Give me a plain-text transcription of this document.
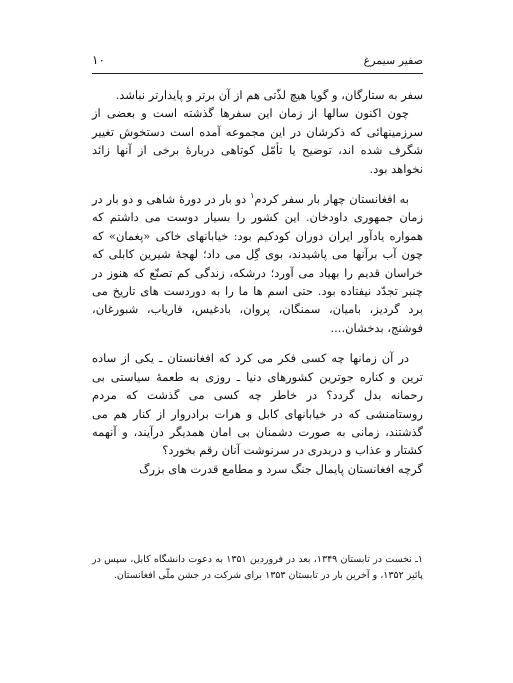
صفیر سیمرغ
۱۰

سفر به ستارگان، و گویا هیچ لذّتی هم از آن برتر و پایدارتر نباشد.

چون اکنون سالها از زمان این سفرها گذشته است و بعضی از سرزمینهائی که ذکرشان در این مجموعه آمده است دستخوش تغییر شگرف شده اند، توضیح یا تأمّل کوتاهی دربارهٔ برخی از آنها زائد نخواهد بود.

به افغانستان چهار بار سفر کردم$^۱$ دو بار در دورهٔ شاهی و دو بار در زمان جمهوری داودخان. این کشور را بسیار دوست می داشتم که همواره یادآور ایران دوران کودکیم بود: خیابانهای خاکی «پغمان» که چون آب برآنها می پاشیدند، بوی گِل می داد؛ لهجهٔ شیرین کابلی که خراسان قدیم را بهیاد می آورد؛ درشکه، زندگی کم تصنّع که هنوز در چنبر تجدّد نیفتاده بود. حتی اسم ها ما را به دوردست های تاریخ می برد گردیز، بامیان، سمنگان، پروان، بادغیس، فاریاب، شبورغان، فوشنج، بدخشان....

در آن زمانها چه کسی فکر می کرد که افغانستان ـ یکی از ساده ترین و کناره جوترین کشورهای دنیا ـ روزی به طعمهٔ سیاستی بی رحمانه بدل گردد؟ در خاطر چه کسی می گذشت که مردم روستامنشی که در خیابانهای کابل و هرات برادروار از کنار هم می گذشتند، زمانی به صورت دشمنان بی امان همدیگر درآیند، و آنهمه کشتار و عذاب و دربدری در سرنوشت آنان رقم بخورد؟

گرچه افغانستان پایمال جنگ سرد و مطامع قدرت های بزرگ

۱ـ نخست در تابستان ۱۳۴۹، بعد در فروردین ۱۳۵۱ به دعوت دانشگاه کابل، سپس در پائیز ۱۳۵۲، و آخرین بار در تابستان ۱۳۵۳ برای شرکت در جشن ملّی افغانستان.
